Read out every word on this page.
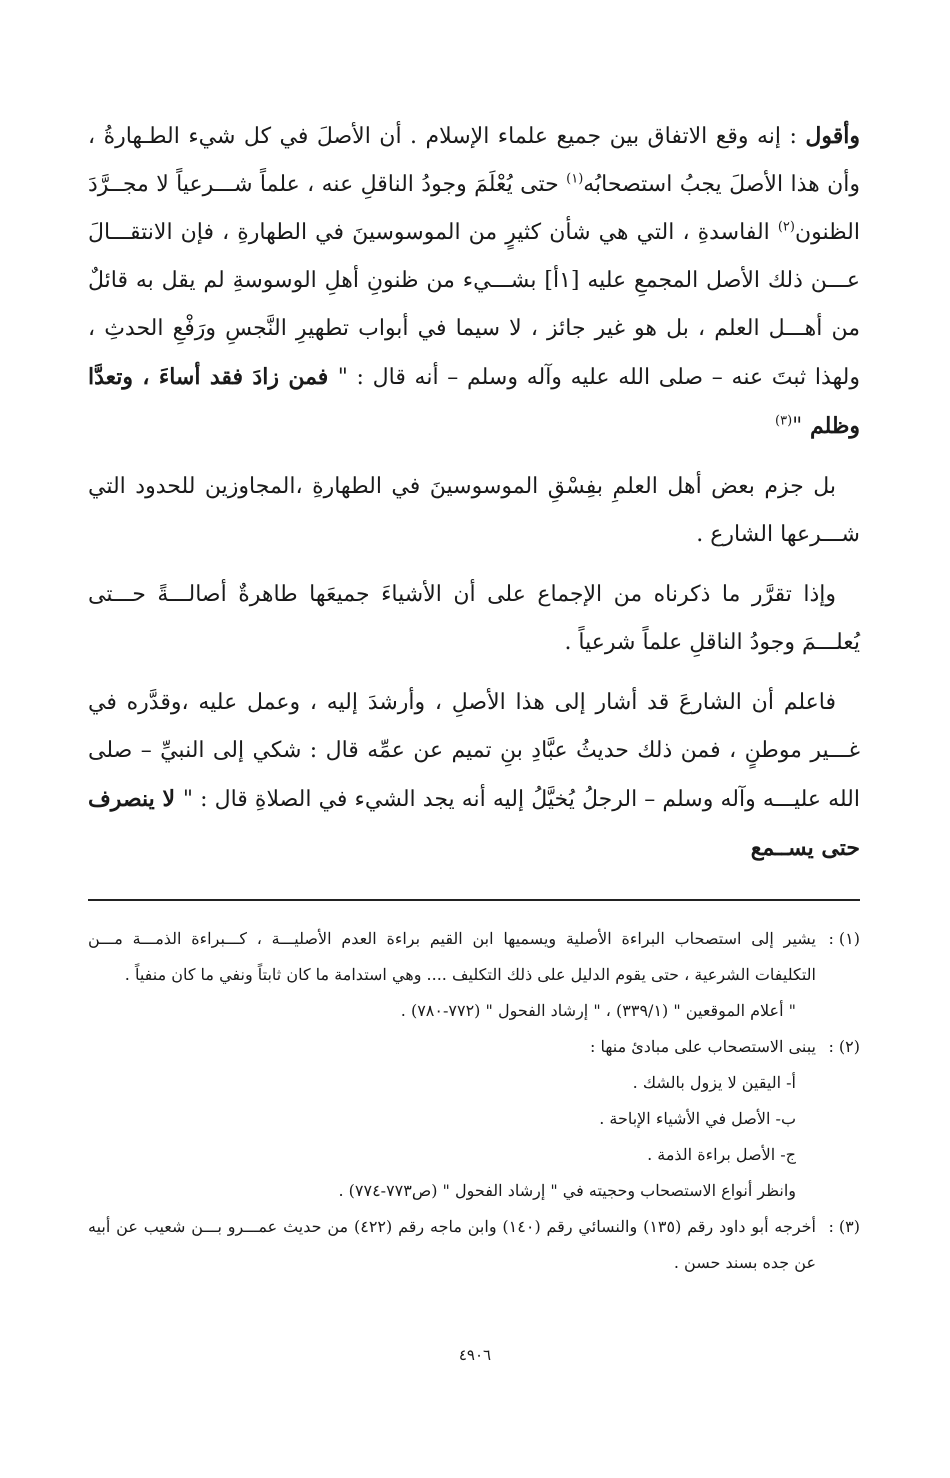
وأقول : إنه وقع الاتفاق بين جميع علماء الإسلام . أن الأصلَ في كل شيء الطـهارةُ ، وأن هذا الأصلَ يجبُ استصحابُه$^{(١)}$ حتى يُعْلَمَ وجودُ الناقلِ عنه ، علماً شـــرعياً لا مجــرَّدَ الظنون$^{(٢)}$ الفاسدةِ ، التي هي شأن كثيرٍ من الموسوسينَ في الطهارةِ ، فإن الانتقـــالَ عـــن ذلك الأصل المجمعِ عليه [١أ] بشـــيء من ظنونِ أهلِ الوسوسةِ لم يقل به قائلٌ من أهـــل العلم ، بل هو غير جائز ، لا سيما في أبواب تطهيرِ النَّجسِ ورَفْعِ الحدثِ ، ولهذا ثبتَ عنه – صلى الله عليه وآله وسلم – أنه قال : " فمن زادَ فقد أساءَ ، وتعدَّا وظلم "$^{(٣)}$

بل جزم بعض أهل العلمِ بفِسْقِ الموسوسينَ في الطهارةِ ،المجاوزين للحدود التي شـــرعها الشارع .

وإذا تقرَّر ما ذكرناه من الإجماع على أن الأشياءَ جميعَها طاهرةٌ أصالـــةً حـــتى يُعلـــمَ وجودُ الناقلِ علماً شرعياً .

فاعلم أن الشارعَ قد أشار إلى هذا الأصلِ ، وأرشدَ إليه ، وعمل عليه ،وقدَّره في غـــير موطنٍ ، فمن ذلك حديثُ عبَّادِ بنِ تميم عن عمِّه قال : شكي إلى النبيِّ – صلى الله عليـــه وآله وسلم – الرجلُ يُخيَّلُ إليه أنه يجد الشيء في الصلاةِ قال : " لا ينصرف حتى يســمع

(١) :
يشير إلى استصحاب البراءة الأصلية ويسميها ابن القيم براءة العدم الأصليـــة ، كـــبراءة الذمـــة مـــن التكليفات الشرعية ، حتى يقوم الدليل على ذلك التكليف .... وهي استدامة ما كان ثابتاً ونفي ما كان منفياً .

" أعلام الموقعين " (٣٣٩/١) ، " إرشاد الفحول " (٧٧٢-٧٨٠) .

(٢) :
يبنى الاستصحاب على مبادئ منها :

أ- اليقين لا يزول بالشك .

ب- الأصل في الأشياء الإباحة .

ج- الأصل براءة الذمة .

وانظر أنواع الاستصحاب وحجيته في " إرشاد الفحول " (ص٧٧٣-٧٧٤) .

(٣) :
أخرجه أبو داود رقم (١٣٥) والنسائي رقم (١٤٠) وابن ماجه رقم (٤٢٢) من حديث عمـــرو بـــن شعيب عن أبيه عن جده بسند حسن .
٤٩٠٦
